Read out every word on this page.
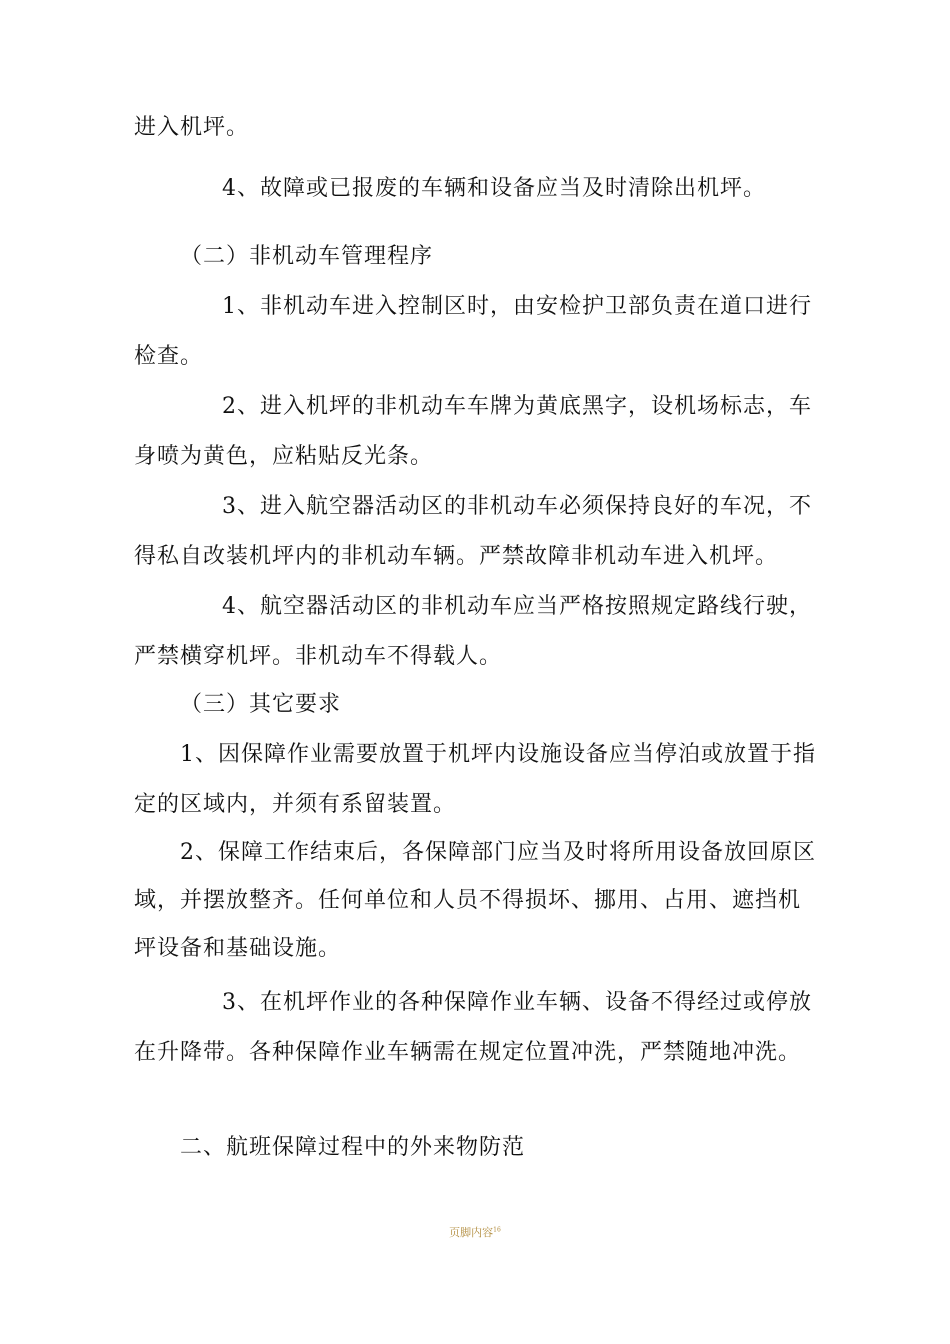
进入机坪。
4、故障或已报废的车辆和设备应当及时清除出机坪。
（二）非机动车管理程序
1、非机动车进入控制区时，由安检护卫部负责在道口进行
检查。
2、进入机坪的非机动车车牌为黄底黑字，设机场标志，车
身喷为黄色，应粘贴反光条。
3、进入航空器活动区的非机动车必须保持良好的车况，不
得私自改装机坪内的非机动车辆。严禁故障非机动车进入机坪。
4、航空器活动区的非机动车应当严格按照规定路线行驶，
严禁横穿机坪。非机动车不得载人。
（三）其它要求
1、因保障作业需要放置于机坪内设施设备应当停泊或放置于指
定的区域内，并须有系留装置。
2、保障工作结束后，各保障部门应当及时将所用设备放回原区
域，并摆放整齐。任何单位和人员不得损坏、挪用、占用、遮挡机
坪设备和基础设施。
3、在机坪作业的各种保障作业车辆、设备不得经过或停放
在升降带。各种保障作业车辆需在规定位置冲洗，严禁随地冲洗。
二、航班保障过程中的外来物防范
页脚内容$^{16}$
